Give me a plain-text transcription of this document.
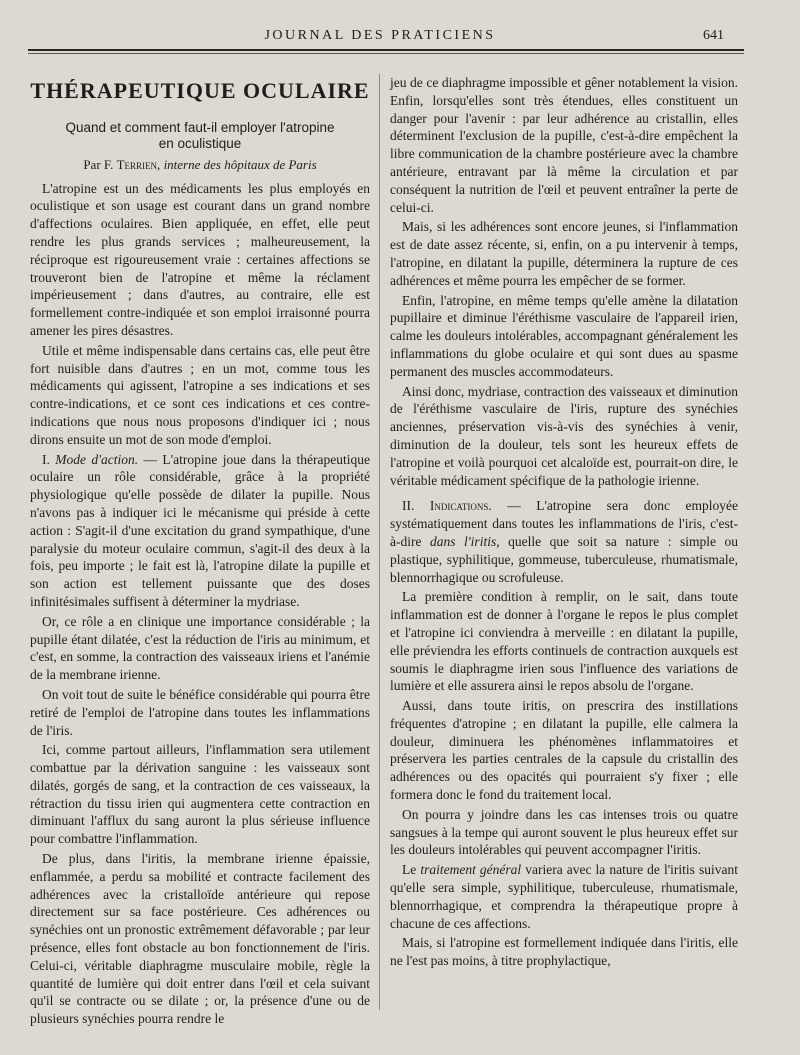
JOURNAL DES PRATICIENS	641
THÉRAPEUTIQUE OCULAIRE
Quand et comment faut-il employer l'atropine
en oculistique
Par F. Terrien, interne des hôpitaux de Paris

L'atropine est un des médicaments les plus employés en oculistique et son usage est courant dans un grand nombre d'affections oculaires. Bien appliquée, en effet, elle peut rendre les plus grands services ; malheureusement, la réciproque est rigoureusement vraie : certaines affections se trouveront bien de l'atropine et même la réclament impérieusement ; dans d'autres, au contraire, elle est formellement contre-indiquée et son emploi irraisonné pourra amener les pires désastres.

Utile et même indispensable dans certains cas, elle peut être fort nuisible dans d'autres ; en un mot, comme tous les médicaments qui agissent, l'atropine a ses indications et ses contre-indications, et ce sont ces indications et ces contre-indications que nous nous proposons d'indiquer ici ; nous dirons ensuite un mot de son mode d'emploi.

I. Mode d'action. — L'atropine joue dans la thérapeutique oculaire un rôle considérable, grâce à la propriété physiologique qu'elle possède de dilater la pupille. Nous n'avons pas à indiquer ici le mécanisme qui préside à cette action : S'agit-il d'une excitation du grand sympathique, d'une paralysie du moteur oculaire commun, s'agit-il des deux à la fois, peu importe ; le fait est là, l'atropine dilate la pupille et son action est tellement puissante que des doses infinitésimales suffisent à déterminer la mydriase.

Or, ce rôle a en clinique une importance considérable ; la pupille étant dilatée, c'est la réduction de l'iris au minimum, et c'est, en somme, la contraction des vaisseaux iriens et l'anémie de la membrane irienne.

On voit tout de suite le bénéfice considérable qui pourra être retiré de l'emploi de l'atropine dans toutes les inflammations de l'iris.

Ici, comme partout ailleurs, l'inflammation sera utilement combattue par la dérivation sanguine : les vaisseaux sont dilatés, gorgés de sang, et la contraction de ces vaisseaux, la rétraction du tissu irien qui augmentera cette contraction en diminuant l'afflux du sang auront la plus sérieuse influence pour combattre l'inflammation.

De plus, dans l'iritis, la membrane irienne épaissie, enflammée, a perdu sa mobilité et contracte facilement des adhérences avec la cristalloïde antérieure qui repose directement sur sa face postérieure. Ces adhérences ou synéchies ont un pronostic extrêmement défavorable ; par leur présence, elles font obstacle au bon fonctionnement de l'iris. Celui-ci, véritable diaphragme musculaire mobile, règle la quantité de lumière qui doit entrer dans l'œil et cela suivant qu'il se contracte ou se dilate ; or, la présence d'une ou de plusieurs synéchies pourra rendre le

jeu de ce diaphragme impossible et gêner notablement la vision. Enfin, lorsqu'elles sont très étendues, elles constituent un danger pour l'avenir : par leur adhérence au cristallin, elles déterminent l'exclusion de la pupille, c'est-à-dire empêchent la libre communication de la chambre postérieure avec la chambre antérieure, entravant par là même la circulation et par conséquent la nutrition de l'œil et peuvent entraîner la perte de celui-ci.

Mais, si les adhérences sont encore jeunes, si l'inflammation est de date assez récente, si, enfin, on a pu intervenir à temps, l'atropine, en dilatant la pupille, déterminera la rupture de ces adhérences et même pourra les empêcher de se former.

Enfin, l'atropine, en même temps qu'elle amène la dilatation pupillaire et diminue l'éréthisme vasculaire de l'appareil irien, calme les douleurs intolérables, accompagnant généralement les inflammations du globe oculaire et qui sont dues au spasme permanent des muscles accommodateurs.

Ainsi donc, mydriase, contraction des vaisseaux et diminution de l'éréthisme vasculaire de l'iris, rupture des synéchies anciennes, préservation vis-à-vis des synéchies à venir, diminution de la douleur, tels sont les heureux effets de l'atropine et voilà pourquoi cet alcaloïde est, pourrait-on dire, le véritable médicament spécifique de la pathologie irienne.

II. Indications. — L'atropine sera donc employée systématiquement dans toutes les inflammations de l'iris, c'est-à-dire dans l'iritis, quelle que soit sa nature : simple ou plastique, syphilitique, gommeuse, tuberculeuse, rhumatismale, blennorrhagique ou scrofuleuse.

La première condition à remplir, on le sait, dans toute inflammation est de donner à l'organe le repos le plus complet et l'atropine ici conviendra à merveille : en dilatant la pupille, elle préviendra les efforts continuels de contraction auxquels est soumis le diaphragme irien sous l'influence des variations de lumière et elle assurera ainsi le repos absolu de l'organe.

Aussi, dans toute iritis, on prescrira des instillations fréquentes d'atropine ; en dilatant la pupille, elle calmera la douleur, diminuera les phénomènes inflammatoires et préservera les parties centrales de la capsule du cristallin des adhérences ou des opacités qui pourraient s'y fixer ; elle formera donc le fond du traitement local.

On pourra y joindre dans les cas intenses trois ou quatre sangsues à la tempe qui auront souvent le plus heureux effet sur les douleurs intolérables qui peuvent accompagner l'iritis.

Le traitement général variera avec la nature de l'iritis suivant qu'elle sera simple, syphilitique, tuberculeuse, rhumatismale, blennorrhagique, et comprendra la thérapeutique propre à chacune de ces affections.

Mais, si l'atropine est formellement indiquée dans l'iritis, elle ne l'est pas moins, à titre prophylactique,
